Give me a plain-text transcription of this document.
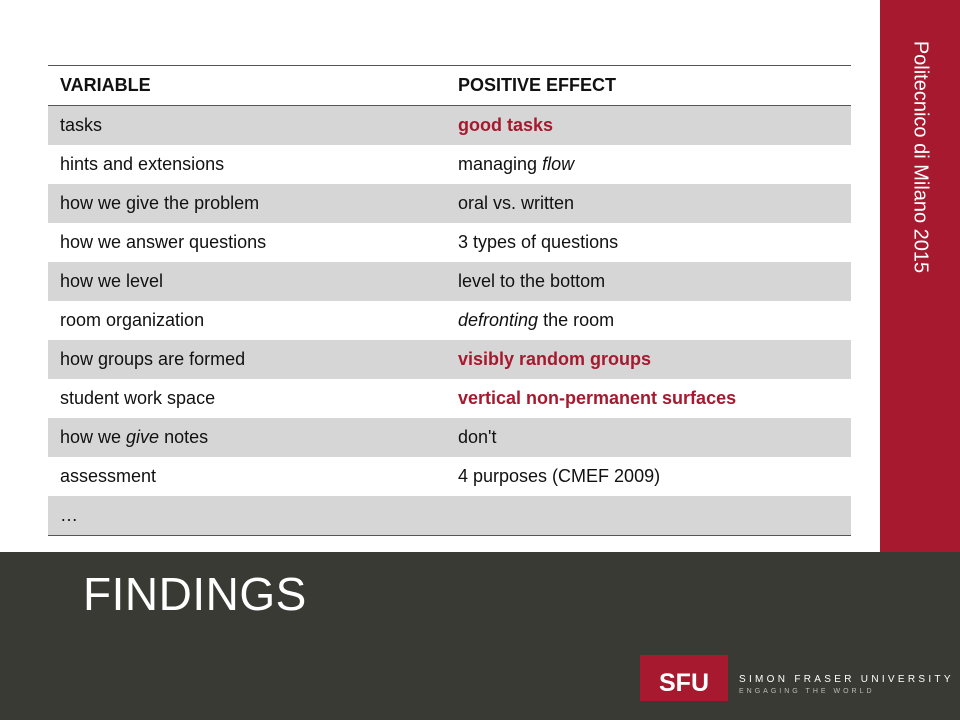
Politecnico di Milano 2015
VARIABLE	POSITIVE EFFECT
tasks	good tasks
hints and extensions	managing flow
how we give the problem	oral vs. written
how we answer questions	3 types of questions
how we level	level to the bottom
room organization	defronting the room
how groups are formed	visibly random groups
student work space	vertical non-permanent surfaces
how we give notes	don't
assessment	4 purposes (CMEF 2009)
…	
FINDINGS
SFU	SIMON FRASER UNIVERSITY
ENGAGING THE WORLD
